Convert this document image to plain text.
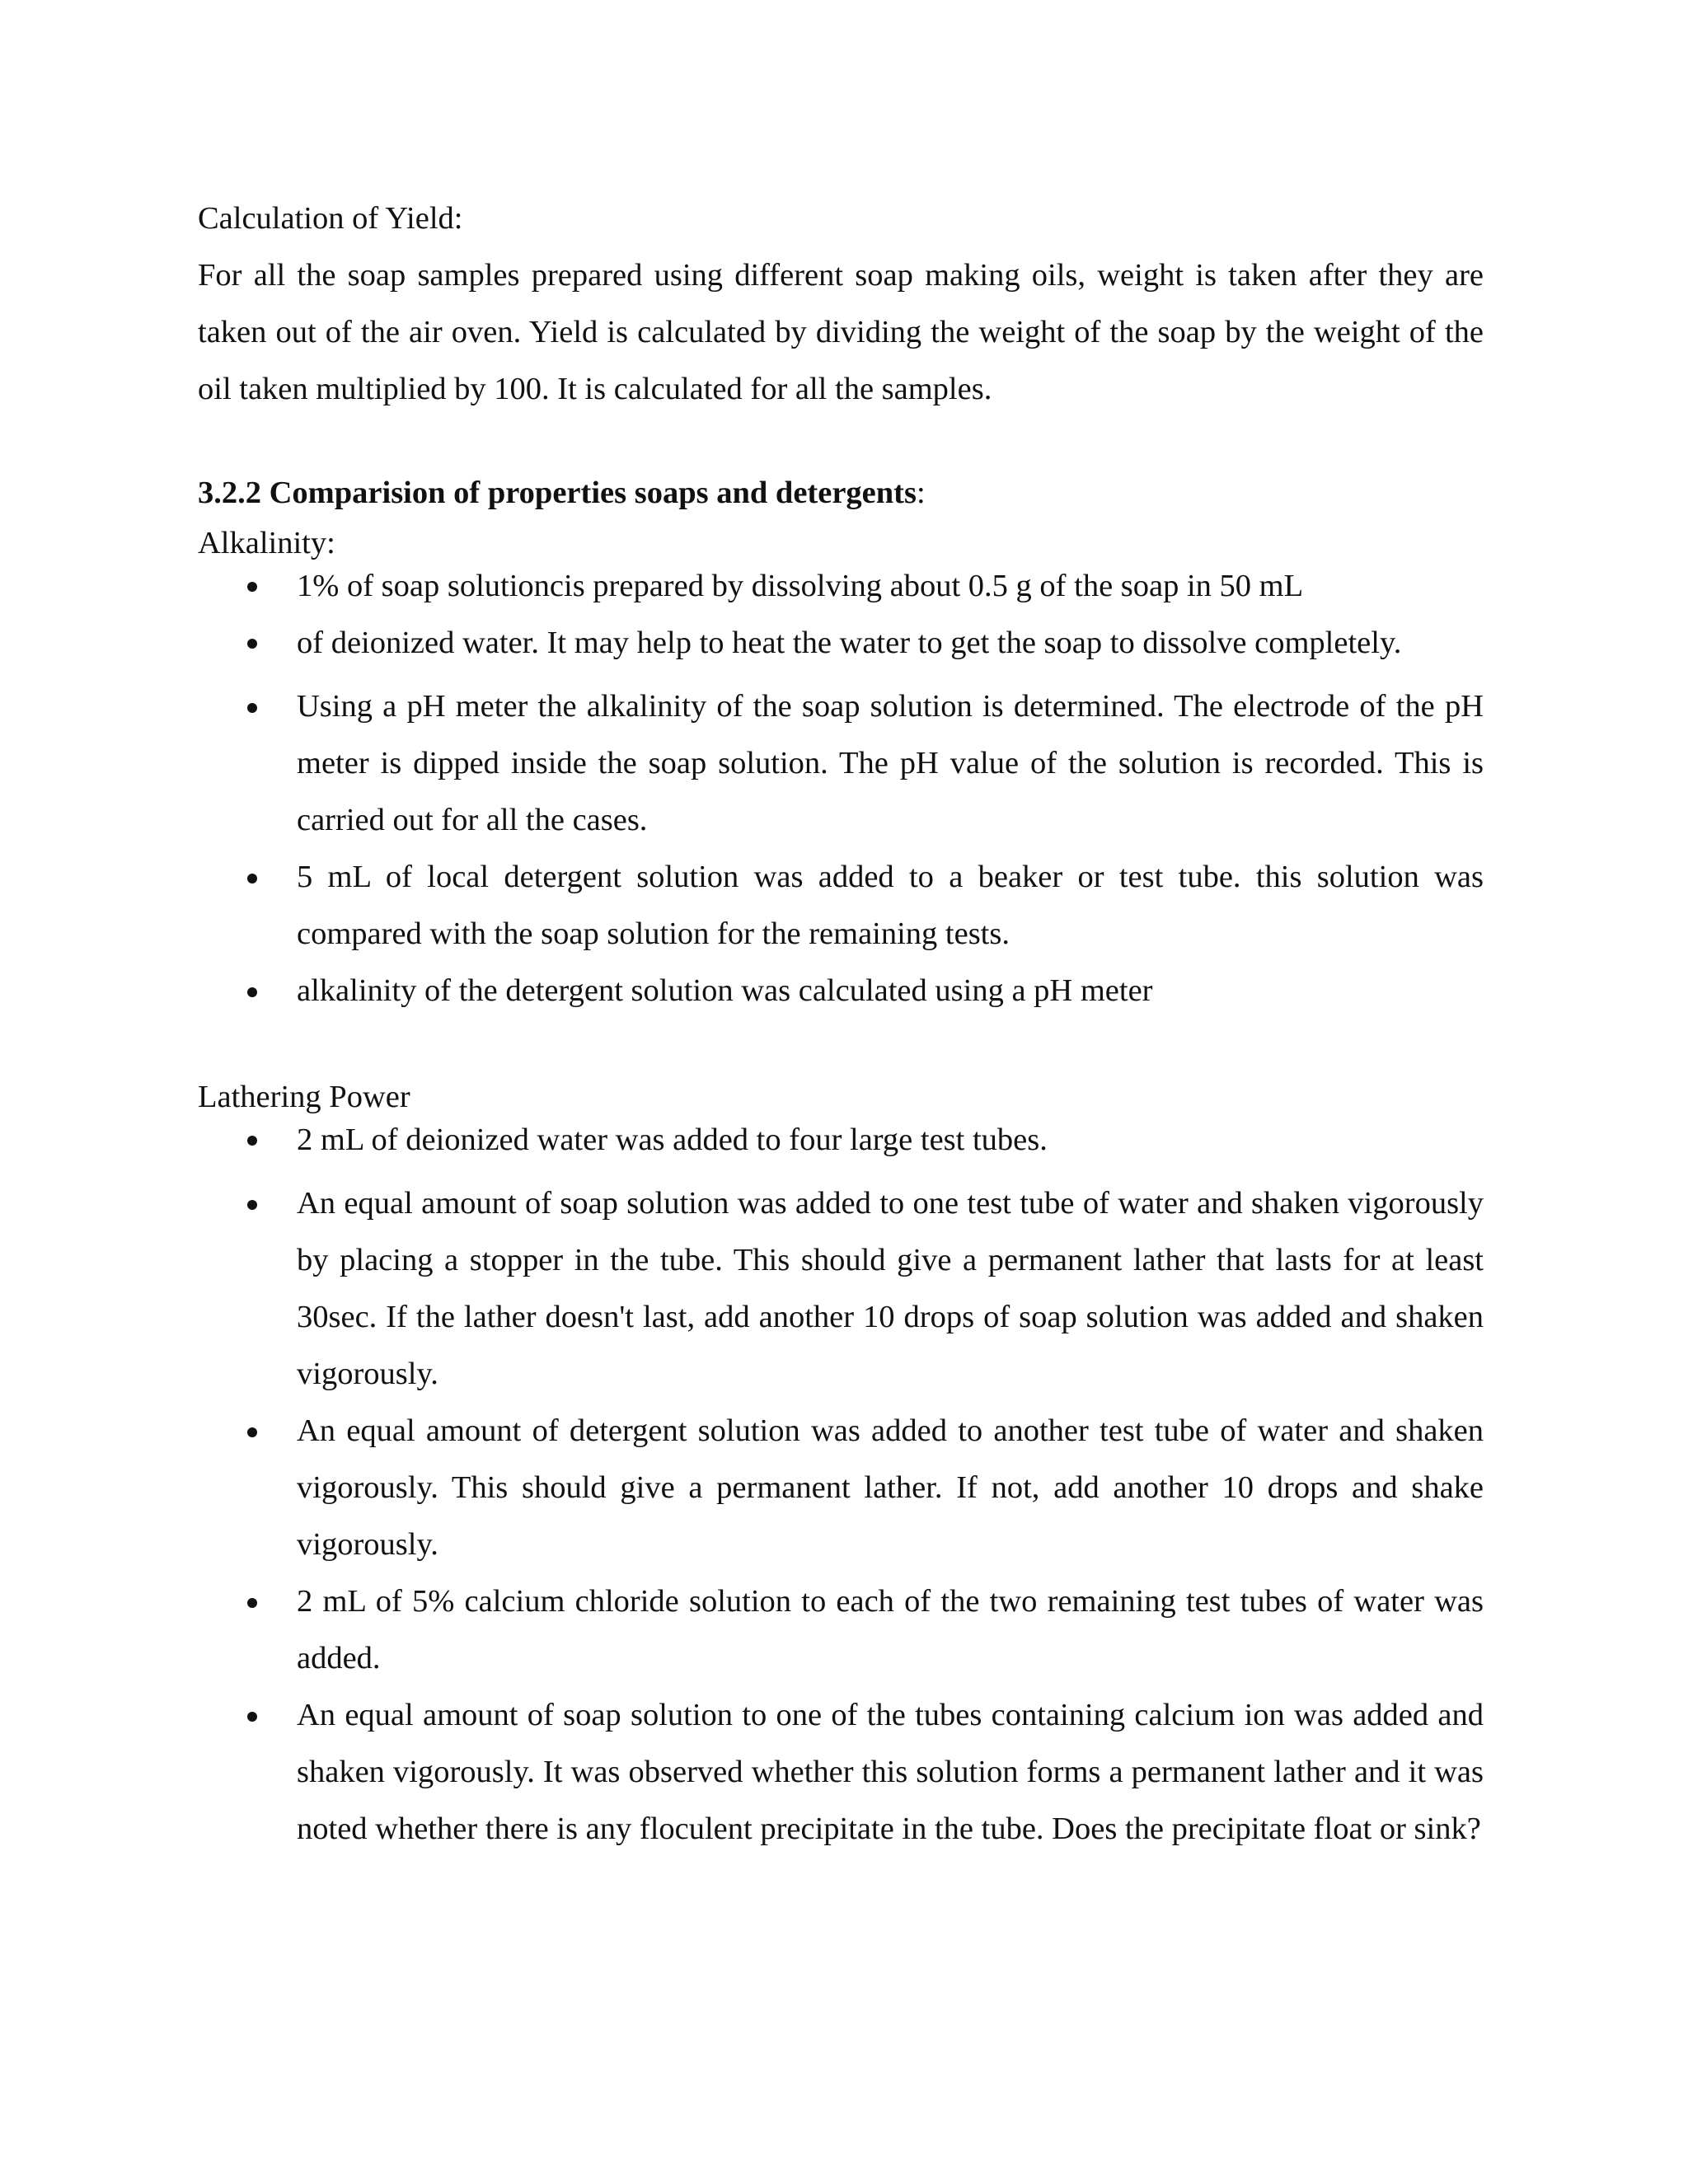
Calculation of Yield:

For all the soap samples prepared using different soap making oils, weight is taken after they are taken out of the air oven. Yield is calculated by dividing the weight of the soap by the weight of the oil taken multiplied by 100. It is calculated for all the samples.

3.2.2 Comparision of properties soaps and detergents:

Alkalinity:

1% of soap solutioncis prepared by dissolving about 0.5 g of the soap in 50 mL
of deionized water. It may help to heat the water to get the soap to dissolve completely.
Using a pH meter the alkalinity of the soap solution is determined. The electrode of the pH meter is dipped inside the soap solution. The pH value of the solution is recorded. This is carried out for all the cases.
5 mL of local detergent solution was added to a beaker or test tube. this solution was compared with the soap solution for the remaining tests.
alkalinity of the detergent solution was calculated using a pH meter

Lathering Power

2 mL of deionized water was added to four large test tubes.
An equal amount of soap solution was added to one test tube of water and shaken vigorously by placing a stopper in the tube. This should give a permanent lather that lasts for at least 30sec. If the lather doesn't last, add another 10 drops of soap solution was added and shaken vigorously.
An equal amount of detergent solution was added to another test tube of water and shaken vigorously. This should give a permanent lather. If not, add another 10 drops and shake vigorously.
2 mL of 5% calcium chloride solution to each of the two remaining test tubes of water was added.
An equal amount of soap solution to one of the tubes containing calcium ion was added and shaken vigorously. It was observed whether this solution forms a permanent lather and it was noted whether there is any floculent precipitate in the tube. Does the precipitate float or sink?
